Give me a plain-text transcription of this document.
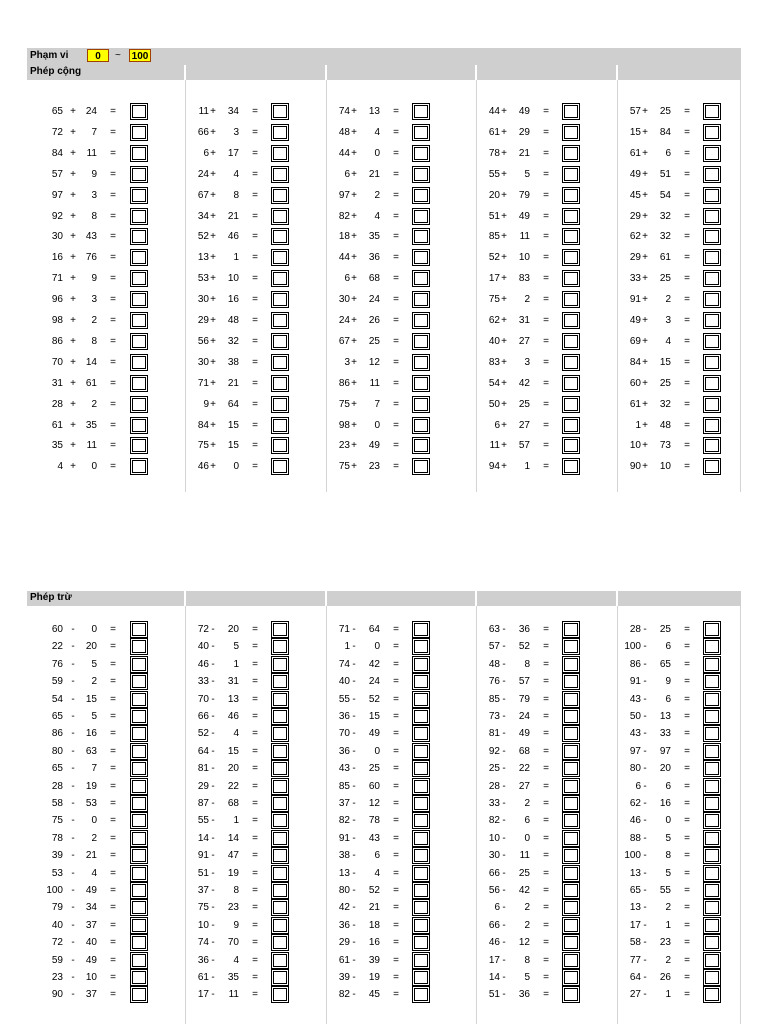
Phạm vi	0	~ 100
Phép cộng
65 + 24 =
72 +	7 =
84 +	11 =
57 +	9 =
97 +	3 =
92 +	8 =
30 + 43 =
16 + 76 =
71 +	9 =
96 +	3 =
98 +	2 =
86 +	8 =
70 + 14 =
31 + 61 =
28 +	2 =
61 + 35 =
35 +	11 =
4 +	0 =
11 + 34 =
66 +	3 =
6 + 17 =
24 +	4 =
67 +	8 =
34 + 21 =
52 + 46 =
13 +	1 =
53 + 10 =
30 + 16 =
29 + 48 =
56 + 32 =
30 + 38 =
71 + 21 =
9 + 64 =
84 + 15 =
75 + 15 =
46 +	0 =
74 + 13 =
48 +	4 =
44 +	0 =
6 + 21 =
97 +	2 =
82 +	4 =
18 + 35 =
44 + 36 =
6 + 68 =
30 + 24 =
24 + 26 =
67 + 25 =
3 + 12 =
86 +	11 =
75 +	7 =
98 +	0 =
23 + 49 =
75 + 23 =
44 + 49 =
61 + 29 =
78 + 21 =
55 +	5 =
20 + 79 =
51 + 49 =
85 +	11 =
52 + 10 =
17 + 83 =
75 +	2 =
62 + 31 =
40 + 27 =
83 +	3 =
54 + 42 =
50 + 25 =
6 + 27 =
11 + 57 =
94 +	1 =
57 + 25 =
15 + 84 =
61 +	6 =
49 + 51 =
45 + 54 =
29 + 32 =
62 + 32 =
29 + 61 =
33 + 25 =
91 +	2 =
49 +	3 =
69 +	4 =
84 + 15 =
60 + 25 =
61 + 32 =
1 + 48 =
10 + 73 =
90 + 10 =
Phép trừ
60 -	0 =
22 - 20 =
76 -	5 =
59 -	2 =
54 - 15 =
65 -	5 =
86 - 16 =
80 - 63 =
65 -	7 =
28 - 19 =
58 - 53 =
75 -	0 =
78 -	2 =
39 - 21 =
53 -	4 =
100 - 49 =
79 - 34 =
40 - 37 =
72 - 40 =
59 - 49 =
23 - 10 =
90 - 37 =
72 - 20 =
40 -	5 =
46 -	1 =
33 - 31 =
70 - 13 =
66 - 46 =
52 -	4 =
64 - 15 =
81 - 20 =
29 - 22 =
87 - 68 =
55 -	1 =
14 - 14 =
91 - 47 =
51 - 19 =
37 -	8 =
75 - 23 =
10 -	9 =
74 - 70 =
36 -	4 =
61 - 35 =
17 -	11 =
71 - 64 =
1 -	0 =
74 - 42 =
40 - 24 =
55 - 52 =
36 - 15 =
70 - 49 =
36 -	0 =
43 - 25 =
85 - 60 =
37 - 12 =
82 - 78 =
91 - 43 =
38 -	6 =
13 -	4 =
80 - 52 =
42 - 21 =
36 - 18 =
29 - 16 =
61 - 39 =
39 - 19 =
82 - 45 =
63 - 36 =
57 - 52 =
48 -	8 =
76 - 57 =
85 - 79 =
73 - 24 =
81 - 49 =
92 - 68 =
25 - 22 =
28 - 27 =
33 -	2 =
82 -	6 =
10 -	0 =
30 -	11 =
66 - 25 =
56 - 42 =
6 -	2 =
66 -	2 =
46 - 12 =
17 -	8 =
14 -	5 =
51 - 36 =
28 - 25 =
100 -	6 =
86 - 65 =
91 -	9 =
43 -	6 =
50 - 13 =
43 - 33 =
97 - 97 =
80 - 20 =
6 -	6 =
62 - 16 =
46 -	0 =
88 -	5 =
100 -	8 =
13 -	5 =
65 - 55 =
13 -	2 =
17 -	1 =
58 - 23 =
77 -	2 =
64 - 26 =
27 -	1 =
